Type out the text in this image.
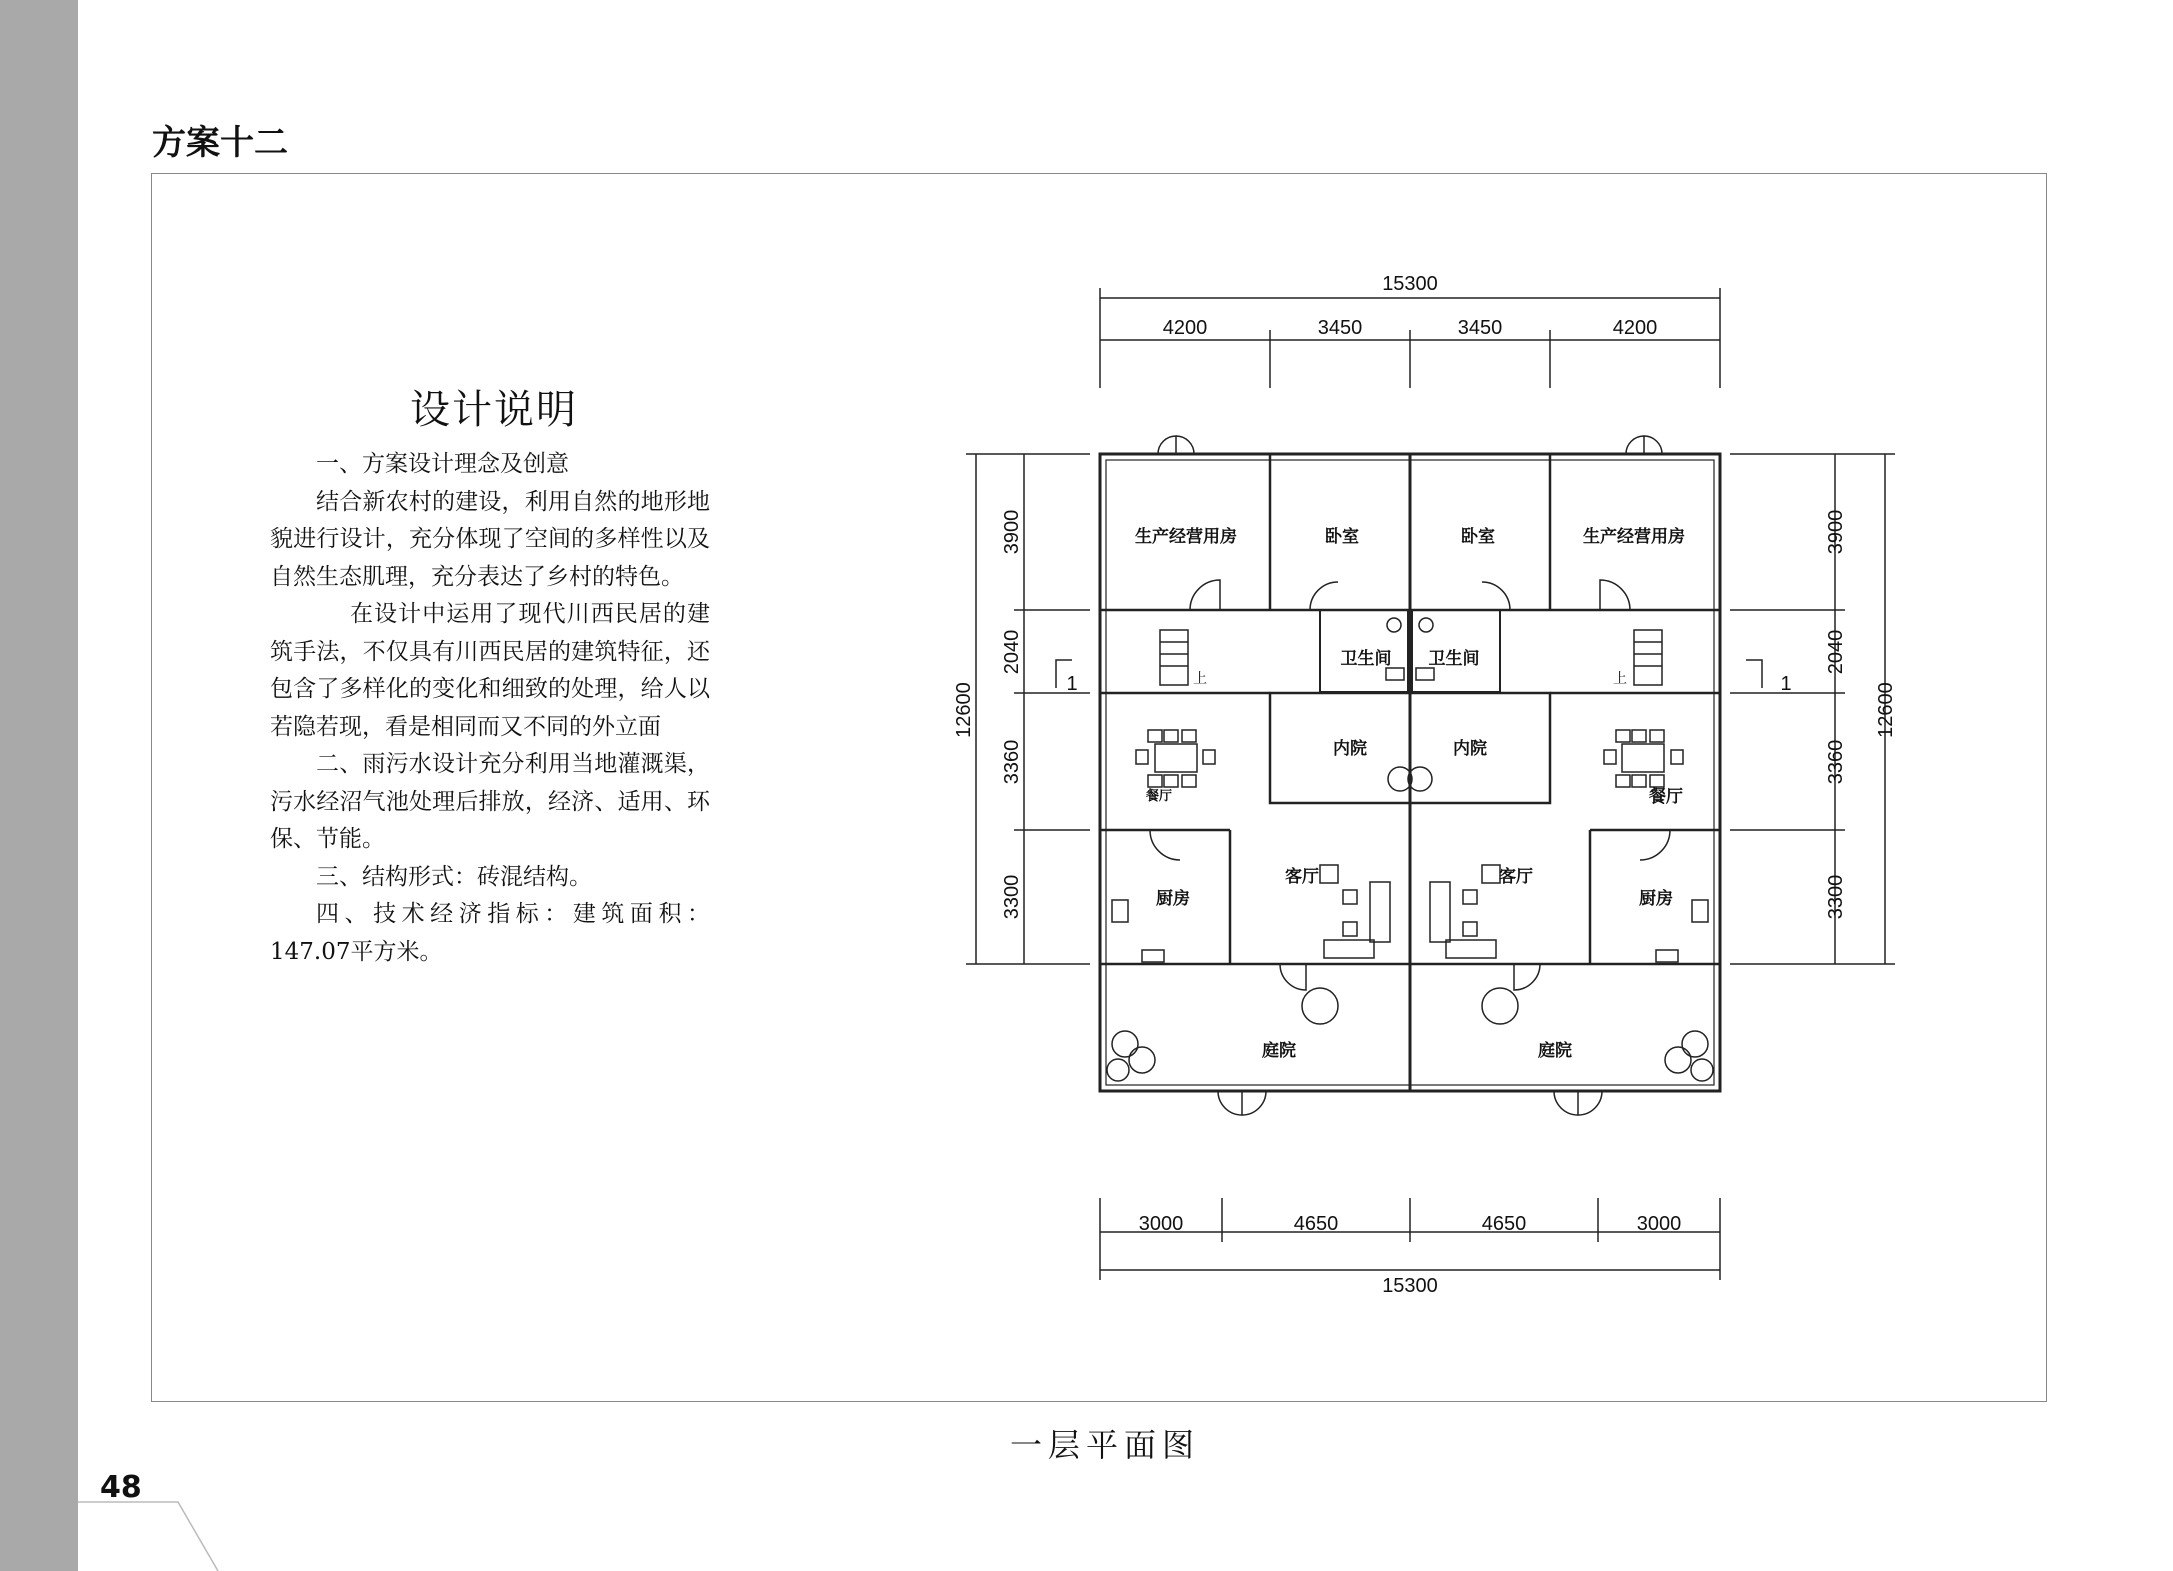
方案十二
设计说明

一、方案设计理念及创意

结合新农村的建设，利用自然的地形地貌进行设计，充分体现了空间的多样性以及自然生态肌理，充分表达了乡村的特色。

在设计中运用了现代川西民居的建筑手法，不仅具有川西民居的建筑特征，还包含了多样化的变化和细致的处理，给人以若隐若现，看是相同而又不同的外立面

二、雨污水设计充分利用当地灌溉渠，污水经沼气池处理后排放，经济、适用、环保、节能。

三、结构形式：砖混结构。

四、技术经济指标：建筑面积：147.07平方米。

15300
4200	3450	3450	4200
3000	4650	4650	3000
15300
12600
3900
2040
3360
3300
3900
2040
3360
3300
12600
1	1
生产经营用房	卧室	卧室	生产经营用房
卫生间 卫生间
内院	内院
餐厅	餐厅
厨房	厨房
客厅	客厅
庭院	庭院
上	上
一层平面图
48
